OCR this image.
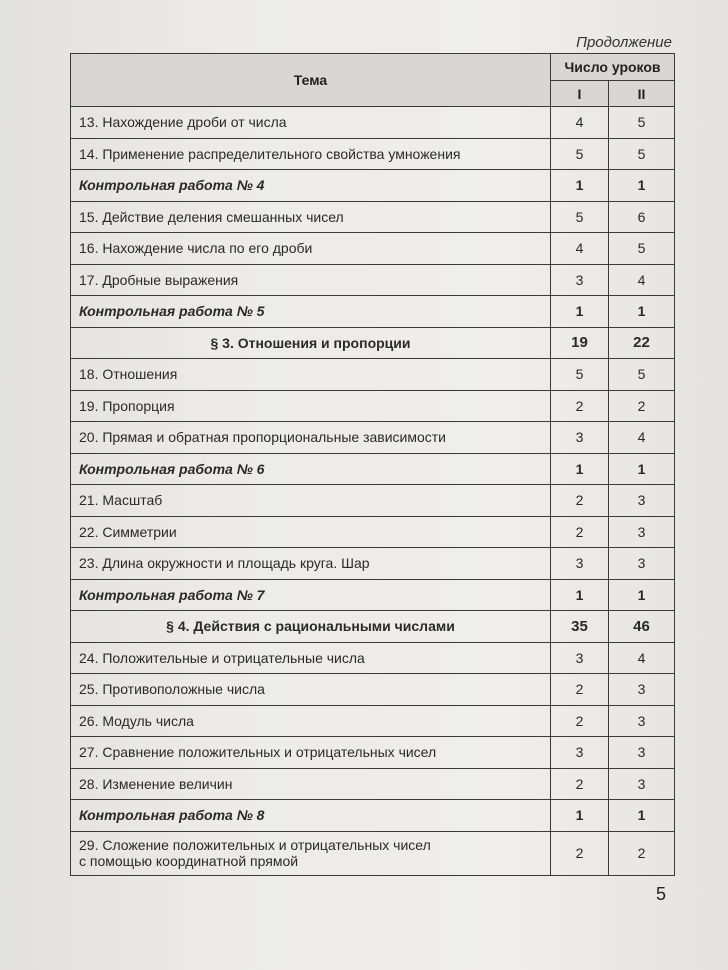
Продолжение
Тема	Число уроков	
	I	II
13. Нахождение дроби от числа	4	5
14. Применение распределительного свойства умножения	5	5
Контрольная работа № 4	1	1
15. Действие деления смешанных чисел	5	6
16. Нахождение числа по его дроби	4	5
17. Дробные выражения	3	4
Контрольная работа № 5	1	1
§ 3. Отношения и пропорции	19	22
18. Отношения	5	5
19. Пропорция	2	2
20. Прямая и обратная пропорциональные зависимости	3	4
Контрольная работа № 6	1	1
21. Масштаб	2	3
22. Симметрии	2	3
23. Длина окружности и площадь круга. Шар	3	3
Контрольная работа № 7	1	1
§ 4. Действия с рациональными числами	35	46
24. Положительные и отрицательные числа	3	4
25. Противоположные числа	2	3
26. Модуль числа	2	3
27. Сравнение положительных и отрицательных чисел	3	3
28. Изменение величин	2	3
Контрольная работа № 8	1	1
29. Сложение положительных и отрицательных чисел
с помощью координатной прямой	2	2
5
